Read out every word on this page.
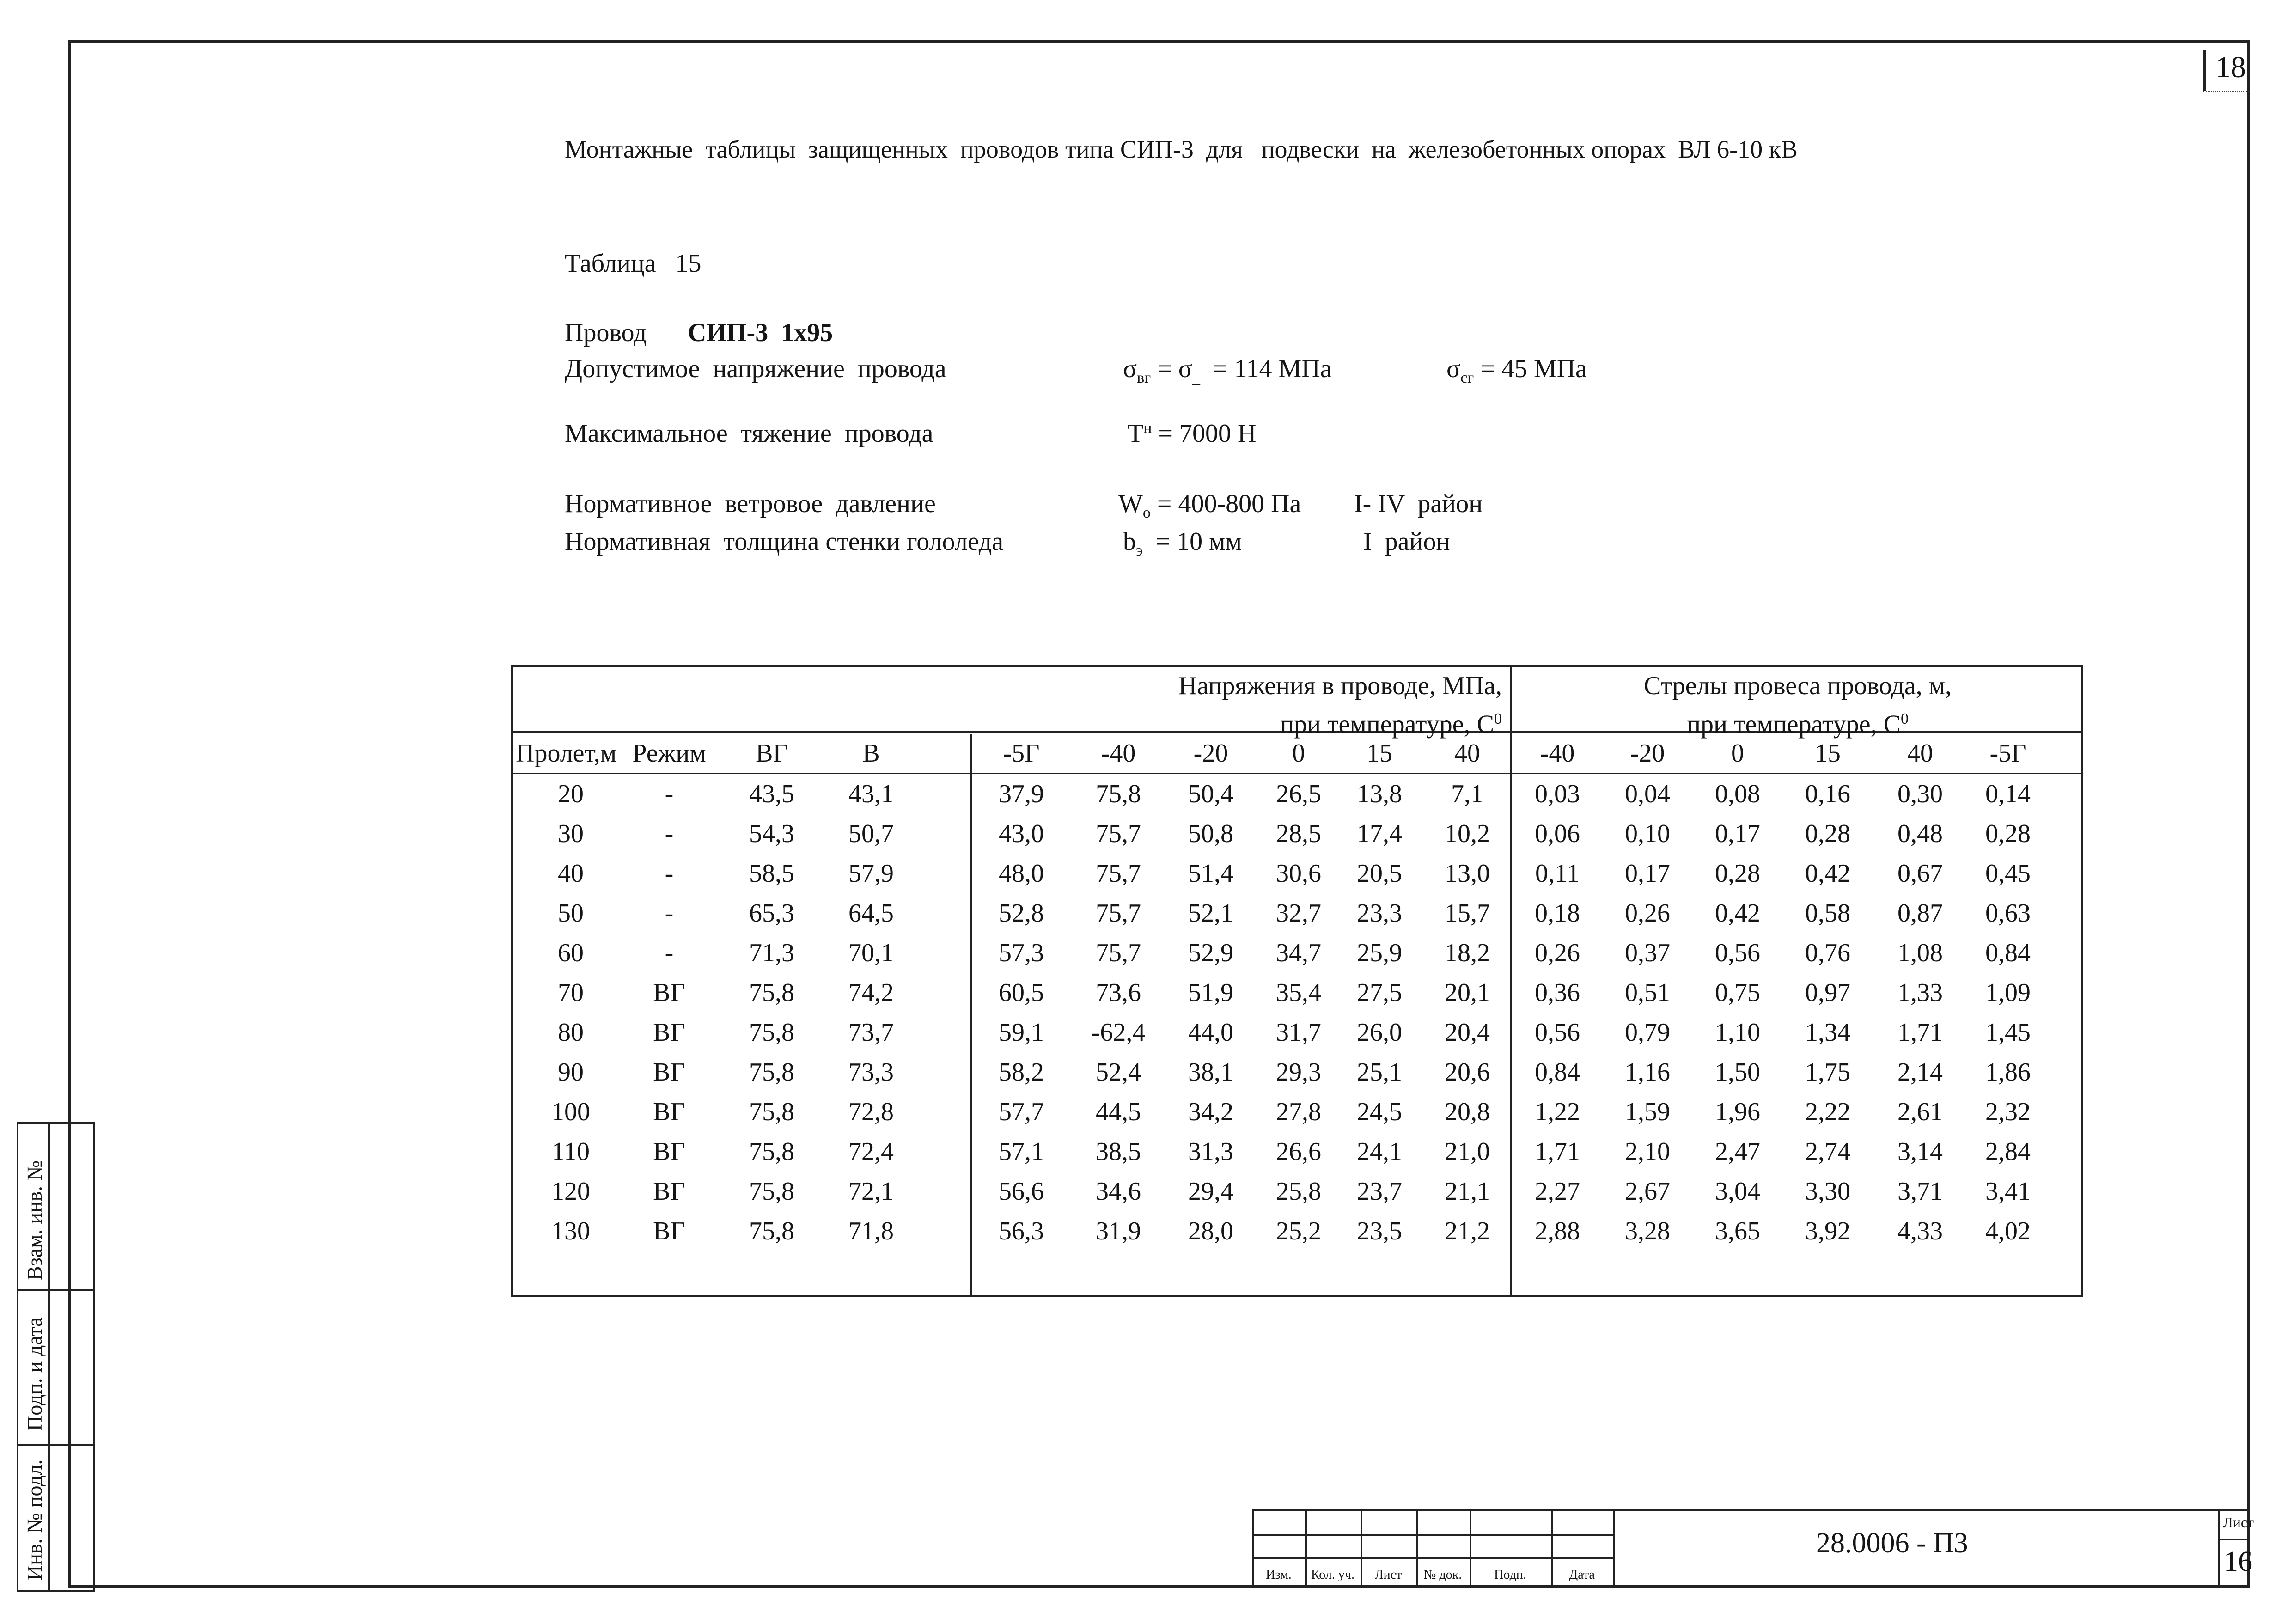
18
Монтажные  таблицы  защищенных  проводов типа СИП-3  для   подвески  на  железобетонных опорах  ВЛ 6-10 кВ
Таблица   15
Провод СИП-3  1х95
Допустимое  напряжение  провода	$\sigma_{вг} = \sigma_{\_} = 114$ МПа	$\sigma_{сг} = 45$ МПа
Максимальное  тяжение  провода	$T^н = 7000$ Н
Нормативное  ветровое  давление	$W_o = 400-800$ Па I- IV  район
Нормативная  толщина стенки гололеда	$b_э = 10$ мм	I  район
Напряжения в проводе, МПа,
при температуре, $С^0$
Стрелы провеса провода, м,
при температуре, $С^0$
Пролет,м Режим	ВГ	В	-5Г	-40	-20	0	15	40	-40	-20	0	15	40	-5Г
20	-	43,5	43,1	37,9	75,8	50,4	26,5	13,8	7,1	0,03	0,04	0,08	0,16	0,30	0,14
30	-	54,3	50,7	43,0	75,7	50,8	28,5	17,4	10,2	0,06	0,10	0,17	0,28	0,48	0,28
40	-	58,5	57,9	48,0	75,7	51,4	30,6	20,5	13,0	0,11	0,17	0,28	0,42	0,67	0,45
50	-	65,3	64,5	52,8	75,7	52,1	32,7	23,3	15,7	0,18	0,26	0,42	0,58	0,87	0,63
60	-	71,3	70,1	57,3	75,7	52,9	34,7	25,9	18,2	0,26	0,37	0,56	0,76	1,08	0,84
70	ВГ	75,8	74,2	60,5	73,6	51,9	35,4	27,5	20,1	0,36	0,51	0,75	0,97	1,33	1,09
80	ВГ	75,8	73,7	59,1	-62,4	44,0	31,7	26,0	20,4	0,56	0,79	1,10	1,34	1,71	1,45
90	ВГ	75,8	73,3	58,2	52,4	38,1	29,3	25,1	20,6	0,84	1,16	1,50	1,75	2,14	1,86
100	ВГ	75,8	72,8	57,7	44,5	34,2	27,8	24,5	20,8	1,22	1,59	1,96	2,22	2,61	2,32
110	ВГ	75,8	72,4	57,1	38,5	31,3	26,6	24,1	21,0	1,71	2,10	2,47	2,74	3,14	2,84
120	ВГ	75,8	72,1	56,6	34,6	29,4	25,8	23,7	21,1	2,27	2,67	3,04	3,30	3,71	3,41
130	ВГ	75,8	71,8	56,3	31,9	28,0	25,2	23,5	21,2	2,88	3,28	3,65	3,92	4,33	4,02
Взам. инв. №
Подп. и дата
Инв. № подл.	Изм.	Кол. уч.	Лист	№ док.	Подп.	Дата
28.0006 - ПЗ
Лист
16
